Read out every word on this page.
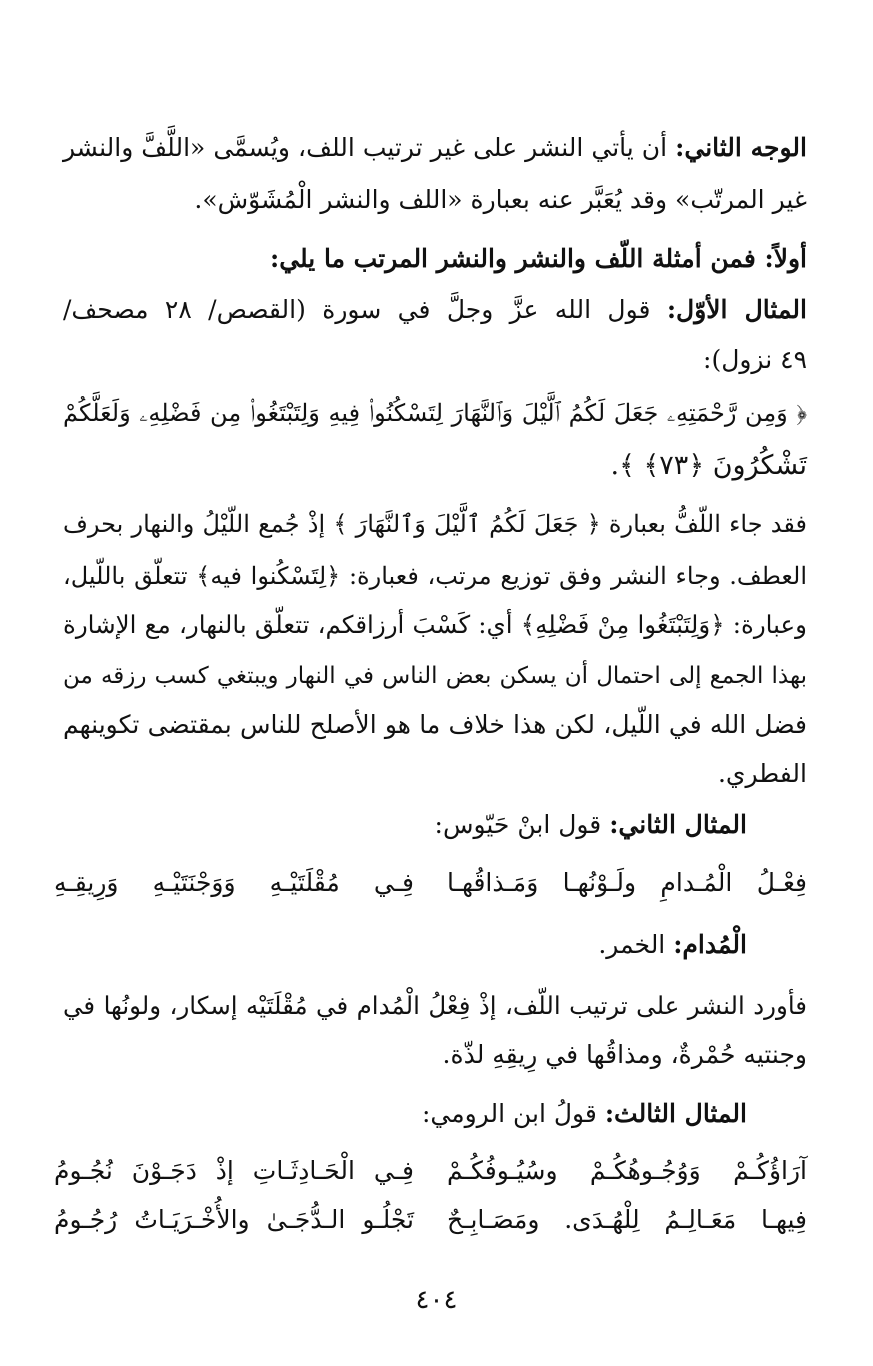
الوجه الثاني: أن يأتي النشر على غير ترتيب اللف، ويُسمَّى «اللَّفَّ والنشر
غير المرتّب» وقد يُعَبَّر عنه بعبارة «اللف والنشر الْمُشَوّش».
أولاً: فمن أمثلة اللّف والنشر والنشر المرتب ما يلي:
المثال الأوّل: قول الله عزَّ وجلَّ في سورة (القصص/ ٢٨ مصحف/
٤٩ نزول):
﴿ وَمِن رَّحْمَتِهِۦ جَعَلَ لَكُمُ ٱلَّيْلَ وَٱلنَّهَارَ لِتَسْكُنُوا۟ فِيهِ وَلِتَبْتَغُوا۟ مِن فَضْلِهِۦ وَلَعَلَّكُمْ
تَشْكُرُونَ ﴿٧٣﴾ ﴾.
فقد جاء اللّفُّ بعبارة ﴿ جَعَلَ لَكُمُ ٱلَّيْلَ وَٱلنَّهَارَ ﴾ إذْ جُمع اللّيْلُ والنهار بحرف
العطف. وجاء النشر وفق توزيع مرتب، فعبارة: ﴿لِتَسْكُنوا فيه﴾ تتعلّق باللّيل،
وعبارة: ﴿وَلِتَبْتَغُوا مِنْ فَضْلِهِ﴾ أي: كَسْبَ أرزاقكم، تتعلّق بالنهار، مع الإشارة
بهذا الجمع إلى احتمال أن يسكن بعض الناس في النهار ويبتغي كسب رزقه من
فضل الله في اللّيل، لكن هذا خلاف ما هو الأصلح للناس بمقتضى تكوينهم
الفطري.
المثال الثاني: قول ابنْ حَيّوس:
فِعْـلُ الْمُـدامِ ولَـوْنُهـا وَمَـذاقُهـا
فِـي مُقْلَتَيْـهِ وَوَجْنَتَيْـهِ وَرِيقِـهِ
الْمُدام: الخمر.
فأورد النشر على ترتيب اللّف، إذْ فِعْلُ الْمُدام في مُقْلَتَيْه إسكار، ولونُها في
وجنتيه حُمْرةٌ، ومذاقُها في رِيقِهِ لذّة.
المثال الثالث: قولُ ابن الرومي:
آرَاؤُكُـمْ وَوُجُـوهُكُـمْ وسُيُـوفُكُـمْ
فِـي الْحَـادِثَـاتِ إذْ دَجَـوْنَ نُجُـومُ
فِيهـا مَعَـالِـمُ لِلْهُـدَى. ومَصَـابِـحٌ
تَجْلُـو الـدُّجَـىٰ والأُخْـرَيَـاتُ رُجُـومُ
٤٠٤
